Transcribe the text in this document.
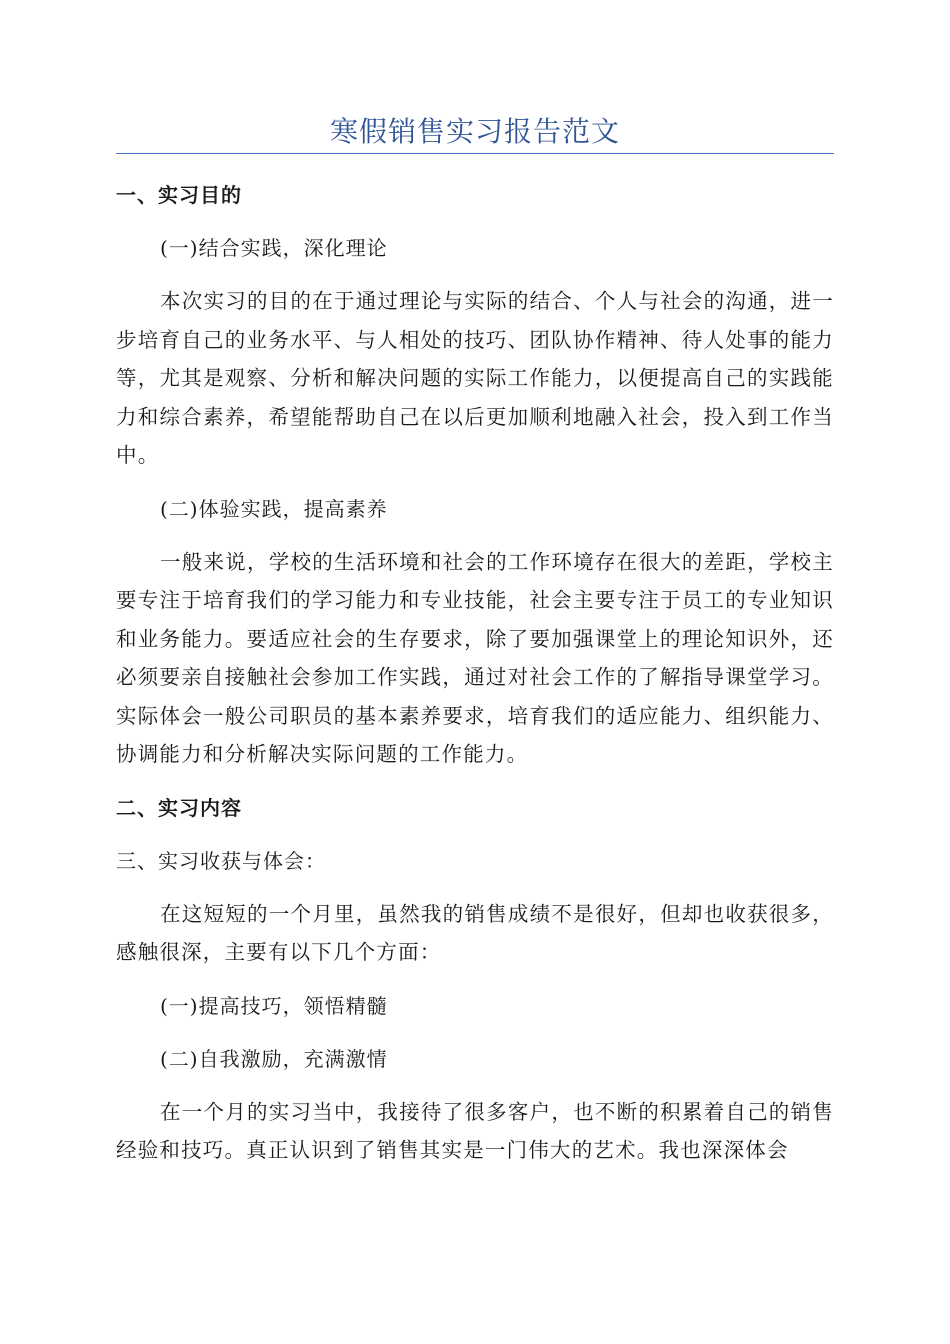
寒假销售实习报告范文
一、实习目的
(一)结合实践，深化理论

本次实习的目的在于通过理论与实际的结合、个人与社会的沟通，进一步培育自己的业务水平、与人相处的技巧、团队协作精神、待人处事的能力等，尤其是观察、分析和解决问题的实际工作能力，以便提高自己的实践能力和综合素养，希望能帮助自己在以后更加顺利地融入社会，投入到工作当中。

(二)体验实践，提高素养

一般来说，学校的生活环境和社会的工作环境存在很大的差距，学校主要专注于培育我们的学习能力和专业技能，社会主要专注于员工的专业知识和业务能力。要适应社会的生存要求，除了要加强课堂上的理论知识外，还必须要亲自接触社会参加工作实践，通过对社会工作的了解指导课堂学习。实际体会一般公司职员的基本素养要求，培育我们的适应能力、组织能力、协调能力和分析解决实际问题的工作能力。

二、实习内容
三、实习收获与体会：

在这短短的一个月里，虽然我的销售成绩不是很好，但却也收获很多，感触很深，主要有以下几个方面：

(一)提高技巧，领悟精髓
(二)自我激励，充满激情

在一个月的实习当中，我接待了很多客户，也不断的积累着自己的销售经验和技巧。真正认识到了销售其实是一门伟大的艺术。我也深深体会
